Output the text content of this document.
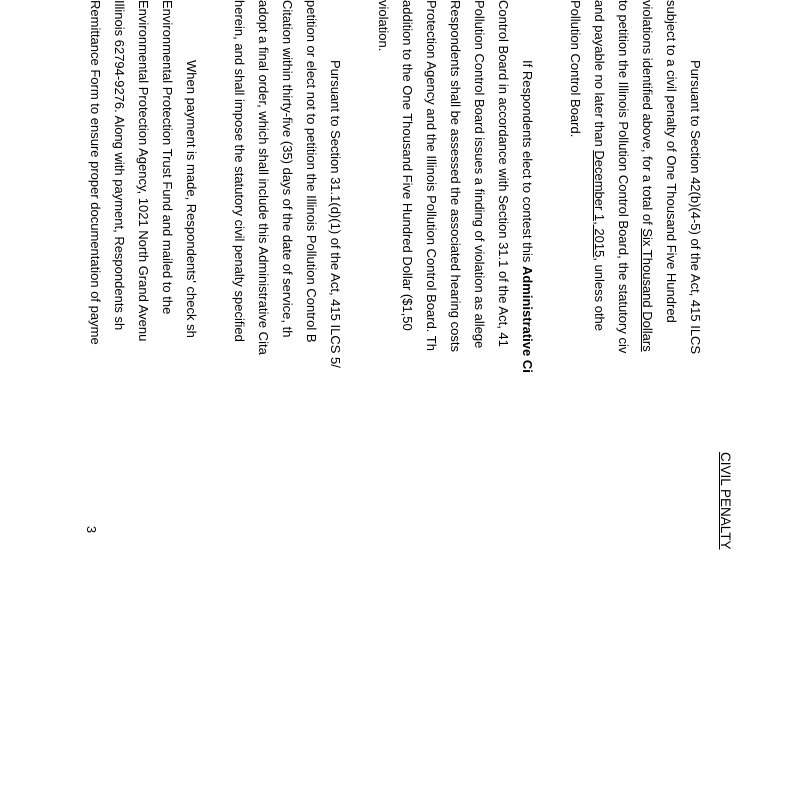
CIVIL PENALTY
Pursuant to Section 42(b)(4-5) of the Act, 415 ILCS
subject to a civil penalty of One Thousand Five Hundred
violations identified above, for a total of Six Thousand Dollars
to petition the Illinois Pollution Control Board, the statutory civ
and payable no later than December 1, 2015, unless othe
Pollution Control Board.
If Respondents elect to contest this Administrative Ci
Control Board in accordance with Section 31.1 of the Act, 41
Pollution Control Board issues a finding of violation as allege
Respondents shall be assessed the associated hearing costs
Protection Agency and the Illinois Pollution Control Board. Th
addition to the One Thousand Five Hundred Dollar ($1,50
violation.
Pursuant to Section 31.1(d)(1) of the Act, 415 ILCS 5/
petition or elect not to petition the Illinois Pollution Control B
Citation within thirty-five (35) days of the date of service, th
adopt a final order, which shall include this Administrative Cita
herein, and shall impose the statutory civil penalty specified
When payment is made, Respondents' check sh
Environmental Protection Trust Fund and mailed to the
Environmental Protection Agency, 1021 North Grand Avenu
Illinois 62794-9276. Along with payment, Respondents sh
Remittance Form to ensure proper documentation of payme
3
